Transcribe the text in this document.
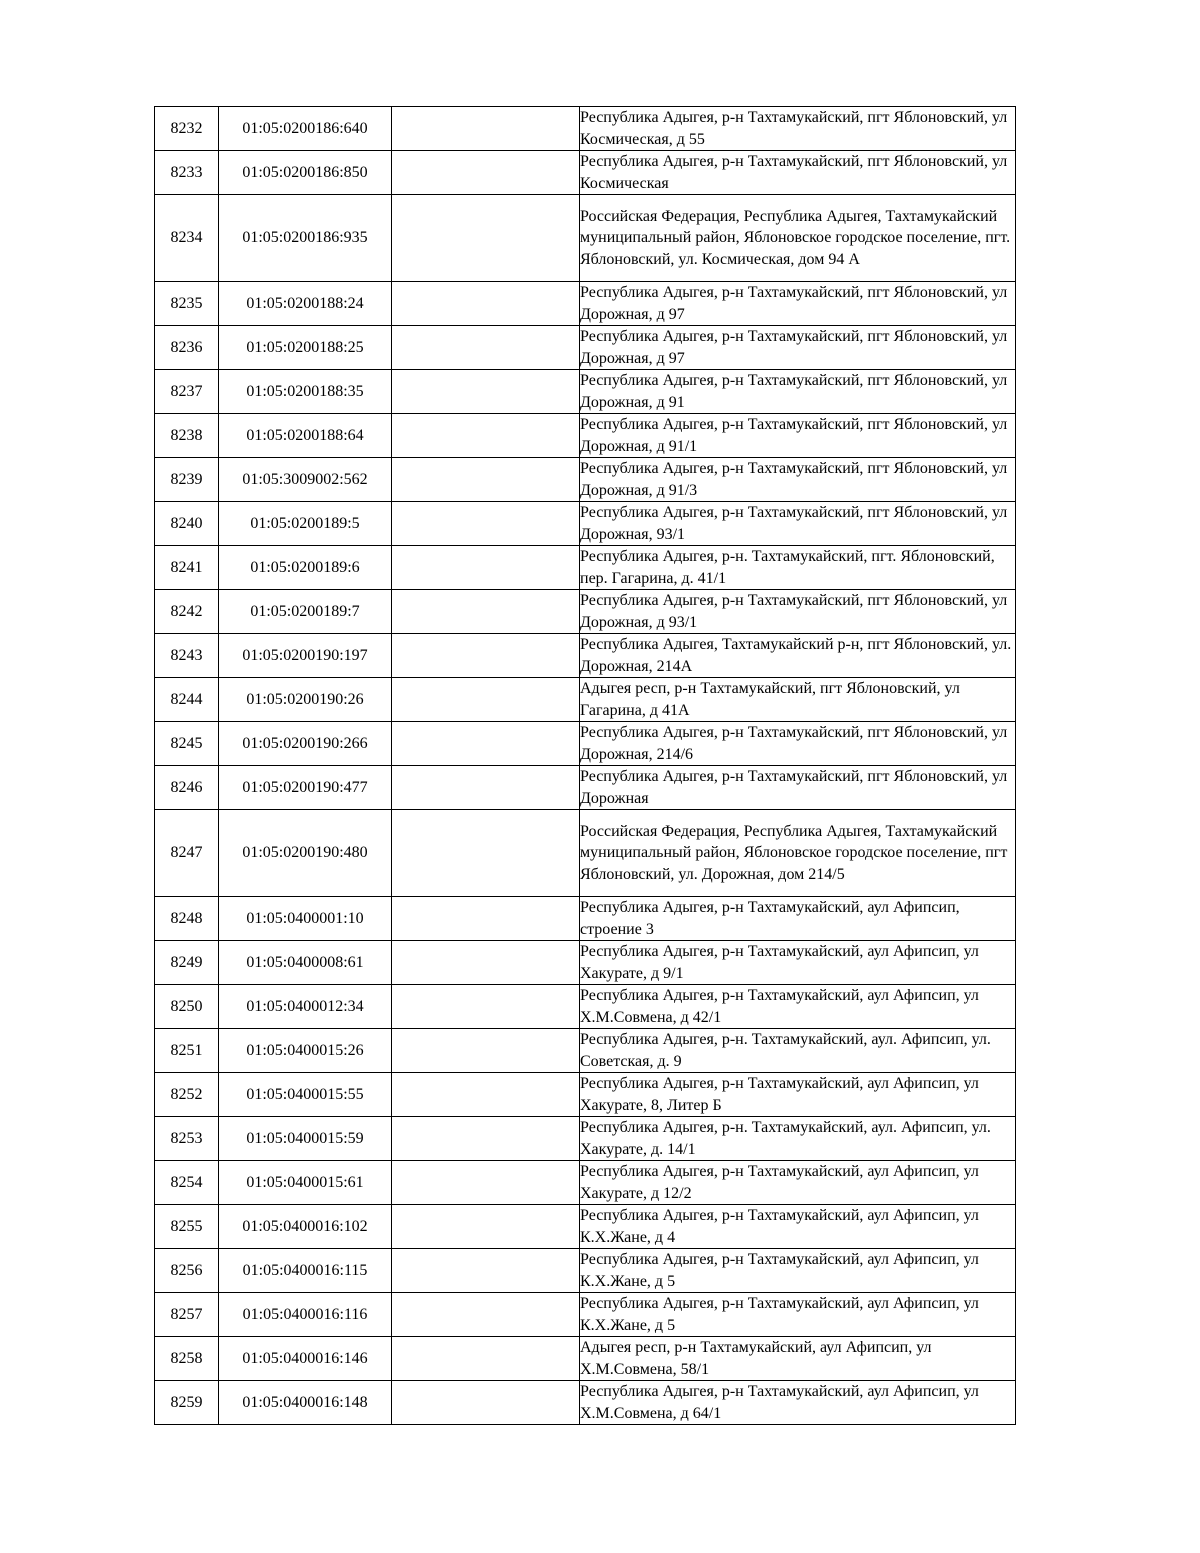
8232	01:05:0200186:640		Республика Адыгея, р-н Тахтамукайский, пгт Яблоновский, ул Космическая, д 55
8233	01:05:0200186:850		Республика Адыгея, р-н Тахтамукайский, пгт Яблоновский, ул Космическая
8234	01:05:0200186:935		Российская Федерация, Республика Адыгея, Тахтамукайский муниципальный район, Яблоновское городское поселение, пгт. Яблоновский, ул. Космическая, дом 94 А
8235	01:05:0200188:24		Республика Адыгея, р-н Тахтамукайский, пгт Яблоновский, ул Дорожная, д 97
8236	01:05:0200188:25		Республика Адыгея, р-н Тахтамукайский, пгт Яблоновский, ул Дорожная, д 97
8237	01:05:0200188:35		Республика Адыгея, р-н Тахтамукайский, пгт Яблоновский, ул Дорожная, д 91
8238	01:05:0200188:64		Республика Адыгея, р-н Тахтамукайский, пгт Яблоновский, ул Дорожная, д 91/1
8239	01:05:3009002:562		Республика Адыгея, р-н Тахтамукайский, пгт Яблоновский, ул Дорожная, д 91/3
8240	01:05:0200189:5		Республика Адыгея, р-н Тахтамукайский, пгт Яблоновский, ул Дорожная, 93/1
8241	01:05:0200189:6		Республика Адыгея, р-н. Тахтамукайский, пгт. Яблоновский, пер. Гагарина, д. 41/1
8242	01:05:0200189:7		Республика Адыгея, р-н Тахтамукайский, пгт Яблоновский, ул Дорожная, д 93/1
8243	01:05:0200190:197		Республика Адыгея, Тахтамукайский р-н, пгт Яблоновский, ул. Дорожная, 214А
8244	01:05:0200190:26		Адыгея респ, р-н Тахтамукайский, пгт Яблоновский, ул Гагарина, д 41А
8245	01:05:0200190:266		Республика Адыгея, р-н Тахтамукайский, пгт Яблоновский, ул Дорожная, 214/6
8246	01:05:0200190:477		Республика Адыгея, р-н Тахтамукайский, пгт Яблоновский, ул Дорожная
8247	01:05:0200190:480		Российская Федерация, Республика Адыгея, Тахтамукайский муниципальный район, Яблоновское городское поселение, пгт Яблоновский, ул. Дорожная, дом 214/5
8248	01:05:0400001:10		Республика Адыгея, р-н Тахтамукайский, аул Афипсип, строение 3
8249	01:05:0400008:61		Республика Адыгея, р-н Тахтамукайский, аул Афипсип, ул Хакурате, д 9/1
8250	01:05:0400012:34		Республика Адыгея, р-н Тахтамукайский, аул Афипсип, ул Х.М.Совмена, д 42/1
8251	01:05:0400015:26		Республика Адыгея, р-н. Тахтамукайский, аул. Афипсип, ул. Советская, д. 9
8252	01:05:0400015:55		Республика Адыгея, р-н Тахтамукайский, аул Афипсип, ул Хакурате, 8, Литер Б
8253	01:05:0400015:59		Республика Адыгея, р-н. Тахтамукайский, аул. Афипсип, ул. Хакурате, д. 14/1
8254	01:05:0400015:61		Республика Адыгея, р-н Тахтамукайский, аул Афипсип, ул Хакурате, д 12/2
8255	01:05:0400016:102		Республика Адыгея, р-н Тахтамукайский, аул Афипсип, ул К.Х.Жане, д 4
8256	01:05:0400016:115		Республика Адыгея, р-н Тахтамукайский, аул Афипсип, ул К.Х.Жане, д 5
8257	01:05:0400016:116		Республика Адыгея, р-н Тахтамукайский, аул Афипсип, ул К.Х.Жане, д 5
8258	01:05:0400016:146		Адыгея респ, р-н Тахтамукайский, аул Афипсип, ул Х.М.Совмена, 58/1
8259	01:05:0400016:148		Республика Адыгея, р-н Тахтамукайский, аул Афипсип, ул Х.М.Совмена, д 64/1
